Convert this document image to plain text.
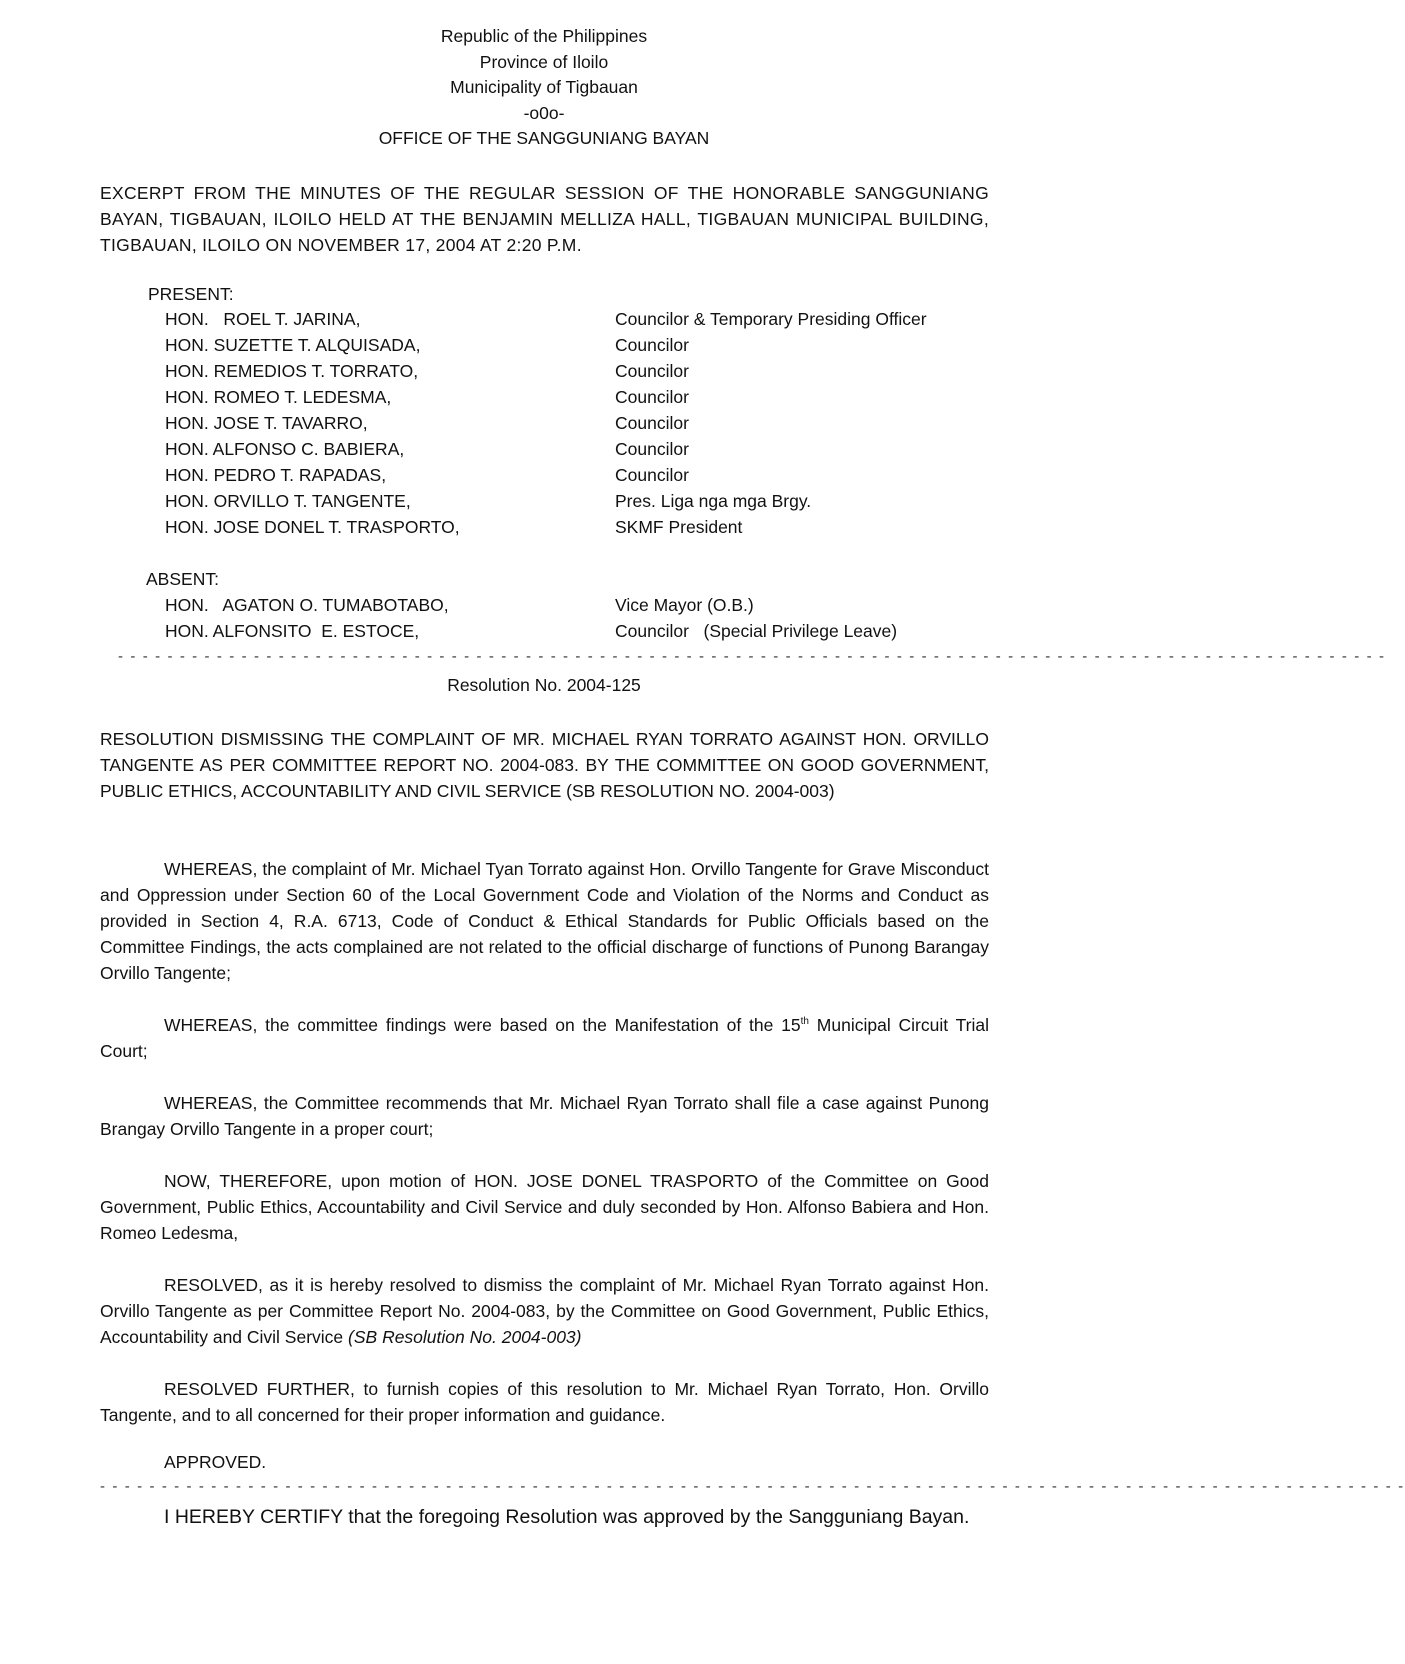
Republic of the Philippines
Province of Iloilo
Municipality of Tigbauan
-o0o-
OFFICE OF THE SANGGUNIANG BAYAN
EXCERPT FROM THE MINUTES OF THE REGULAR SESSION OF THE HONORABLE SANGGUNIANG BAYAN, TIGBAUAN, ILOILO HELD AT THE BENJAMIN MELLIZA HALL, TIGBAUAN MUNICIPAL BUILDING, TIGBAUAN, ILOILO ON NOVEMBER 17, 2004 AT 2:20 P.M.
PRESENT:
HON.   ROEL T. JARINA,	Councilor & Temporary Presiding Officer
HON. SUZETTE T. ALQUISADA,	Councilor
HON. REMEDIOS T. TORRATO,	Councilor
HON. ROMEO T. LEDESMA,	Councilor
HON. JOSE T. TAVARRO,	Councilor
HON. ALFONSO C. BABIERA,	Councilor
HON. PEDRO T. RAPADAS,	Councilor
HON. ORVILLO T. TANGENTE,	Pres. Liga nga mga Brgy.
HON. JOSE DONEL T. TRASPORTO,	SKMF President
ABSENT:
HON.   AGATON O. TUMABOTABO,	Vice Mayor (O.B.)
HON. ALFONSITO  E. ESTOCE,	Councilor   (Special Privilege Leave)
- - - - - - - - - - - - - - - - - - - - - - - - - - - - - - - - - - - - - - - - - - - - - - - - - - - - - - - - - - - - - - - - - - - - - - - - - - - - - - - - - - - - - - - - - - - - - - - - - - - - - - -
Resolution No. 2004-125
RESOLUTION DISMISSING THE COMPLAINT OF MR. MICHAEL RYAN TORRATO AGAINST HON. ORVILLO TANGENTE AS PER COMMITTEE REPORT NO. 2004-083. BY THE COMMITTEE ON GOOD GOVERNMENT, PUBLIC ETHICS, ACCOUNTABILITY AND CIVIL SERVICE (SB RESOLUTION NO. 2004-003)
WHEREAS, the complaint of Mr. Michael Tyan Torrato against Hon. Orvillo Tangente for Grave Misconduct and Oppression under Section 60 of the Local Government Code and Violation of the Norms and Conduct as provided in Section 4, R.A. 6713, Code of Conduct & Ethical Standards for Public Officials based on the Committee Findings, the acts complained are not related to the official discharge of functions of Punong Barangay Orvillo Tangente;
WHEREAS, the committee findings were based on the Manifestation of the 15th Municipal Circuit Trial Court;
WHEREAS, the Committee recommends that Mr. Michael Ryan Torrato shall file a case against Punong Brangay Orvillo Tangente in a proper court;
NOW, THEREFORE, upon motion of HON. JOSE DONEL TRASPORTO of the Committee on Good Government, Public Ethics, Accountability and Civil Service and duly seconded by Hon. Alfonso Babiera and Hon. Romeo Ledesma,
RESOLVED, as it is hereby resolved to dismiss the complaint of Mr. Michael Ryan Torrato against Hon. Orvillo Tangente as per Committee Report No. 2004-083, by the Committee on Good Government, Public Ethics, Accountability and Civil Service (SB Resolution No. 2004-003)
RESOLVED FURTHER, to furnish copies of this resolution to Mr. Michael Ryan Torrato, Hon. Orvillo Tangente, and to all concerned for their proper information and guidance.
APPROVED.
- - - - - - - - - - - - - - - - - - - - - - - - - - - - - - - - - - - - - - - - - - - - - - - - - - - - - - - - - - - - - - - - - - - - - - - - - - - - - - - - - - - - - - - - - - - - - - - - - - - - - - - - - -
I HEREBY CERTIFY that the foregoing Resolution was approved by the Sangguniang Bayan.
